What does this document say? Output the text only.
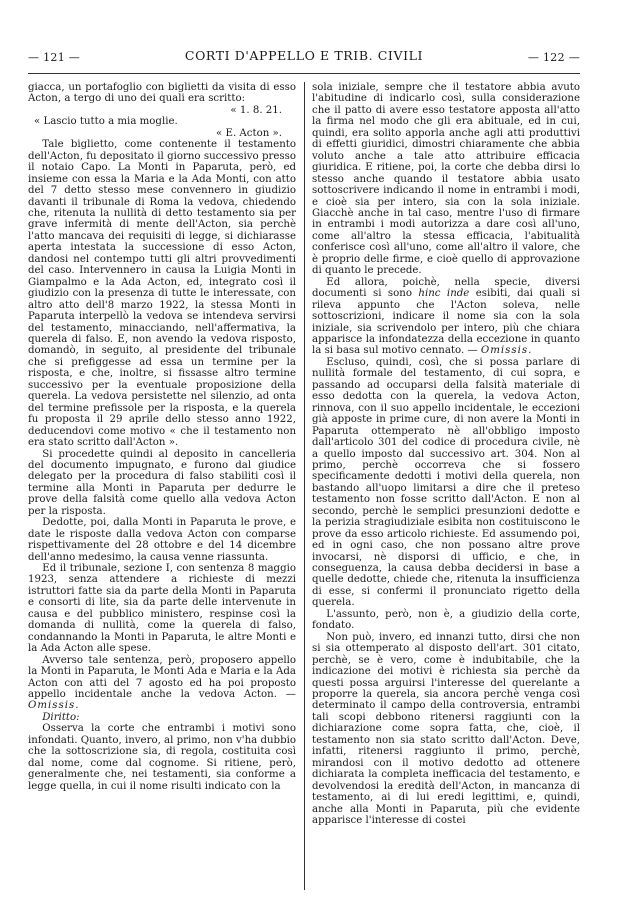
— 121 —	CORTI D'APPELLO E TRIB. CIVILI	— 122 —

giacca, un portafoglio con biglietti da visita di esso Acton, a tergo di uno dei quali era scritto:

« 1. 8. 21.

« Lascio tutto a mia moglie.

« E. Acton ».

Tale biglietto, come contenente il testamento dell'Acton, fu depositato il giorno successivo presso il notaio Capo. La Monti in Paparuta, però, ed insieme con essa la Maria e la Ada Monti, con atto del 7 detto stesso mese convennero in giudizio davanti il tribunale di Roma la vedova, chiedendo che, ritenuta la nullità di detto testamento sia per grave infermità di mente dell'Acton, sia perchè l'atto mancava dei requisiti di legge, si dichiarasse aperta intestata la successione di esso Acton, dandosi nel contempo tutti gli altri provvedimenti del caso. Intervennero in causa la Luigia Monti in Giampalmo e la Ada Acton, ed, integrato così il giudizio con la presenza di tutte le interessate, con altro atto dell'8 marzo 1922, la stessa Monti in Paparuta interpellò la vedova se intendeva servirsi del testamento, minacciando, nell'affermativa, la querela di falso. E, non avendo la vedova risposto, domandò, in seguito, al presidente del tribunale che si prefiggesse ad essa un termine per la risposta, e che, inoltre, si fissasse altro termine successivo per la eventuale proposizione della querela. La vedova persistette nel silenzio, ad onta del termine prefissole per la risposta, e la querela fu proposta il 29 aprile dello stesso anno 1922, deducendovi come motivo « che il testamento non era stato scritto dall'Acton ».

Si procedette quindi al deposito in cancelleria del documento impugnato, e furono dal giudice delegato per la procedura di falso stabiliti così il termine alla Monti in Paparuta per dedurre le prove della falsità come quello alla vedova Acton per la risposta.

Dedotte, poi, dalla Monti in Paparuta le prove, e date le risposte dalla vedova Acton con comparse rispettivamente del 28 ottobre e del 14 dicembre dell'anno medesimo, la causa venne riassunta.

Ed il tribunale, sezione I, con sentenza 8 maggio 1923, senza attendere a richieste di mezzi istruttori fatte sia da parte della Monti in Paparuta e consorti di lite, sia da parte delle intervenute in causa e del pubblico ministero, respinse così la domanda di nullità, come la querela di falso, condannando la Monti in Paparuta, le altre Monti e la Ada Acton alle spese.

Avverso tale sentenza, però, proposero appello la Monti in Paparuta, le Monti Ada e Maria e la Ada Acton con atti del 7 agosto ed ha poi proposto appello incidentale anche la vedova Acton. — Omissis.

Diritto:

Osserva la corte che entrambi i motivi sono infondati. Quanto, invero, al primo, non v'ha dubbio che la sottoscrizione sia, di regola, costituita così dal nome, come dal cognome. Si ritiene, però, generalmente che, nei testamenti, sia conforme a legge quella, in cui il nome risulti indicato con la

sola iniziale, sempre che il testatore abbia avuto l'abitudine di indicarlo così, sulla considerazione che il patto di avere esso testatore apposta all'atto la firma nel modo che gli era abituale, ed in cui, quindi, era solito apporla anche agli atti produttivi di effetti giuridici, dimostri chiaramente che abbia voluto anche a tale atto attribuire efficacia giuridica. E ritiene, poi, la corte che debba dirsi lo stesso anche quando il testatore abbia usato sottoscrivere indicando il nome in entrambi i modi, e cioè sia per intero, sia con la sola iniziale. Giacchè anche in tal caso, mentre l'uso di firmare in entrambi i modi autorizza a dare così all'uno, come all'altro la stessa efficacia, l'abitualità conferisce così all'uno, come all'altro il valore, che è proprio delle firme, e cioè quello di approvazione di quanto le precede.

Ed allora, poichè, nella specie, diversi documenti si sono hinc inde esibiti, dai quali si rileva appunto che l'Acton soleva, nelle sottoscrizioni, indicare il nome sia con la sola iniziale, sia scrivendolo per intero, più che chiara apparisce la infondatezza della eccezione in quanto la si basa sul motivo cennato. — Omissis.

Escluso, quindi, così, che si possa parlare di nullità formale del testamento, di cui sopra, e passando ad occuparsi della falsità materiale di esso dedotta con la querela, la vedova Acton, rinnova, con il suo appello incidentale, le eccezioni già apposte in prime cure, di non avere la Monti in Paparuta ottemperato nè all'obbligo imposto dall'articolo 301 del codice di procedura civile, nè a quello imposto dal successivo art. 304. Non al primo, perchè occorreva che si fossero specificamente dedotti i motivi della querela, non bastando all'uopo limitarsi a dire che il preteso testamento non fosse scritto dall'Acton. E non al secondo, perchè le semplici presunzioni dedotte e la perizia stragiudiziale esibita non costituiscono le prove da esso articolo richieste. Ed assumendo poi, ed in ogni caso, che non possano altre prove invocarsi, nè disporsi di ufficio, e che, in conseguenza, la causa debba decidersi in base a quelle dedotte, chiede che, ritenuta la insufficienza di esse, si confermi il pronunciato rigetto della querela.

L'assunto, però, non è, a giudizio della corte, fondato.

Non può, invero, ed innanzi tutto, dirsi che non si sia ottemperato al disposto dell'art. 301 citato, perchè, se è vero, come è indubitabile, che la indicazione dei motivi è richiesta sia perchè da questi possa arguirsi l'interesse del querelante a proporre la querela, sia ancora perchè venga così determinato il campo della controversia, entrambi tali scopi debbono ritenersi raggiunti con la dichiarazione come sopra fatta, che, cioè, il testamento non sia stato scritto dall'Acton. Deve, infatti, ritenersi raggiunto il primo, perchè, mirandosi con il motivo dedotto ad ottenere dichiarata la completa inefficacia del testamento, e devolvendosi la eredità dell'Acton, in mancanza di testamento, ai di lui eredi legittimi, e, quindi, anche alla Monti in Paparuta, più che evidente apparisce l'interesse di costei
